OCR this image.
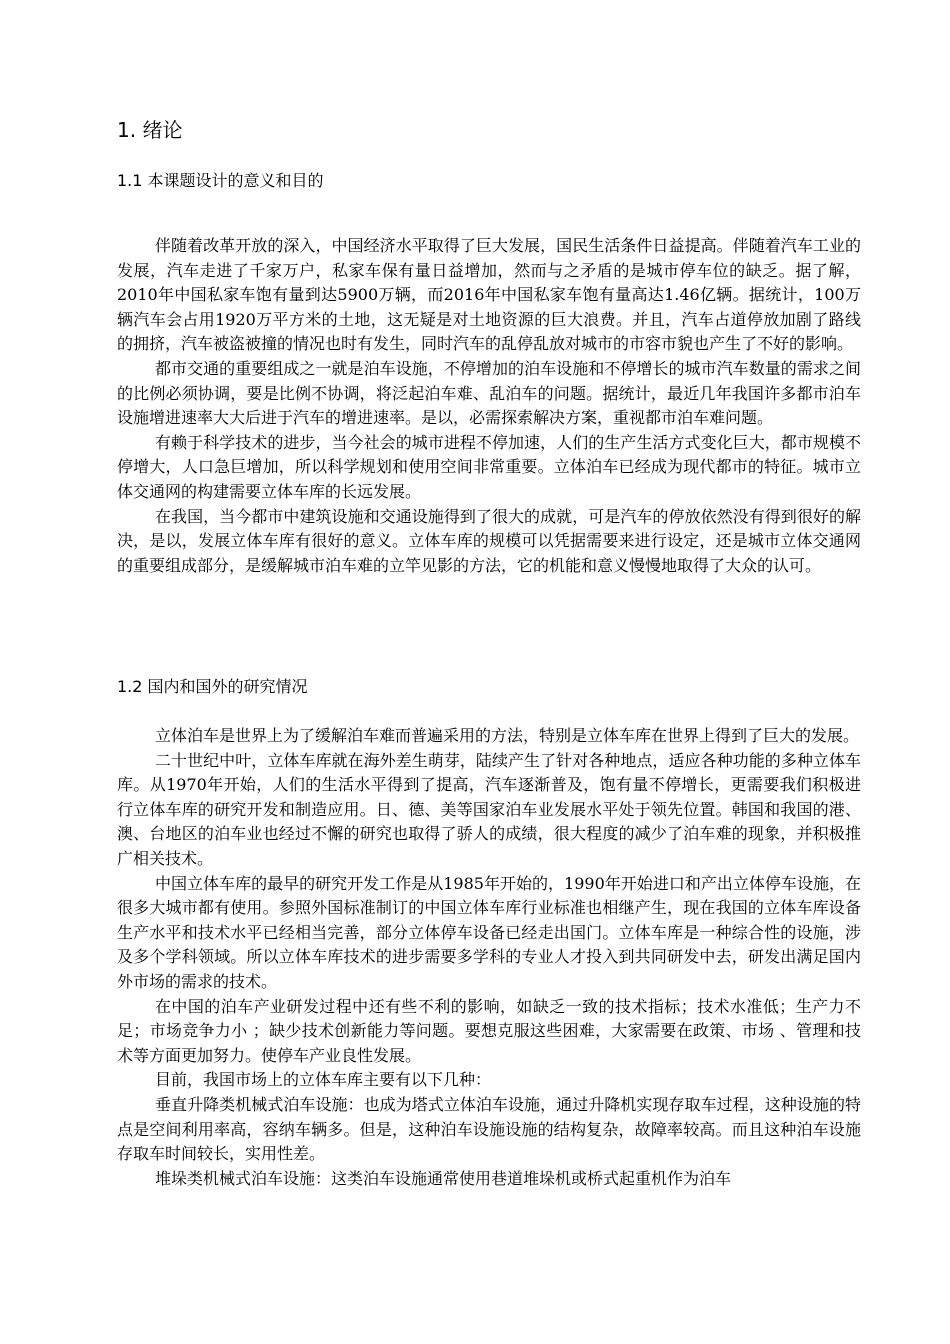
1. 绪论
1.1 本课题设计的意义和目的

伴随着改革开放的深入，中国经济水平取得了巨大发展，国民生活条件日益提高。伴随着汽车工业的发展，汽车走进了千家万户，私家车保有量日益增加，然而与之矛盾的是城市停车位的缺乏。据了解，2010年中国私家车饱有量到达5900万辆，而2016年中国私家车饱有量高达1.46亿辆。据统计，100万辆汽车会占用1920万平方米的土地，这无疑是对土地资源的巨大浪费。并且，汽车占道停放加剧了路线的拥挤，汽车被盗被撞的情况也时有发生，同时汽车的乱停乱放对城市的市容市貌也产生了不好的影响。

都市交通的重要组成之一就是泊车设施，不停增加的泊车设施和不停增长的城市汽车数量的需求之间的比例必须协调，要是比例不协调，将泛起泊车难、乱泊车的问题。据统计，最近几年我国许多都市泊车设施增进速率大大后进于汽车的增进速率。是以，必需探索解决方案，重视都市泊车难问题。

有赖于科学技术的进步，当今社会的城市进程不停加速，人们的生产生活方式变化巨大，都市规模不停增大，人口急巨增加，所以科学规划和使用空间非常重要。立体泊车已经成为现代都市的特征。城市立体交通网的构建需要立体车库的长远发展。

在我国，当今都市中建筑设施和交通设施得到了很大的成就，可是汽车的停放依然没有得到很好的解决，是以，发展立体车库有很好的意义。立体车库的规模可以凭据需要来进行设定，还是城市立体交通网的重要组成部分，是缓解城市泊车难的立竿见影的方法，它的机能和意义慢慢地取得了大众的认可。

1.2 国内和国外的研究情况

立体泊车是世界上为了缓解泊车难而普遍采用的方法，特别是立体车库在世界上得到了巨大的发展。

二十世纪中叶，立体车库就在海外差生萌芽，陆续产生了针对各种地点，适应各种功能的多种立体车库。从1970年开始，人们的生活水平得到了提高，汽车逐渐普及，饱有量不停增长，更需要我们积极进行立体车库的研究开发和制造应用。日、德、美等国家泊车业发展水平处于领先位置。韩国和我国的港、澳、台地区的泊车业也经过不懈的研究也取得了骄人的成绩，很大程度的减少了泊车难的现象，并积极推广相关技术。

中国立体车库的最早的研究开发工作是从1985年开始的，1990年开始进口和产出立体停车设施，在很多大城市都有使用。参照外国标准制订的中国立体车库行业标准也相继产生，现在我国的立体车库设备生产水平和技术水平已经相当完善，部分立体停车设备已经走出国门。立体车库是一种综合性的设施，涉及多个学科领域。所以立体车库技术的进步需要多学科的专业人才投入到共同研发中去，研发出满足国内外市场的需求的技术。

在中国的泊车产业研发过程中还有些不利的影响，如缺乏一致的技术指标；技术水准低；生产力不足；市场竞争力小 ；缺少技术创新能力等问题。要想克服这些困难，大家需要在政策、市场 、管理和技术等方面更加努力。使停车产业良性发展。

目前，我国市场上的立体车库主要有以下几种：

垂直升降类机械式泊车设施：也成为塔式立体泊车设施，通过升降机实现存取车过程，这种设施的特点是空间利用率高，容纳车辆多。但是，这种泊车设施设施的结构复杂，故障率较高。而且这种泊车设施存取车时间较长，实用性差。

堆垛类机械式泊车设施：这类泊车设施通常使用巷道堆垛机或桥式起重机作为泊车
